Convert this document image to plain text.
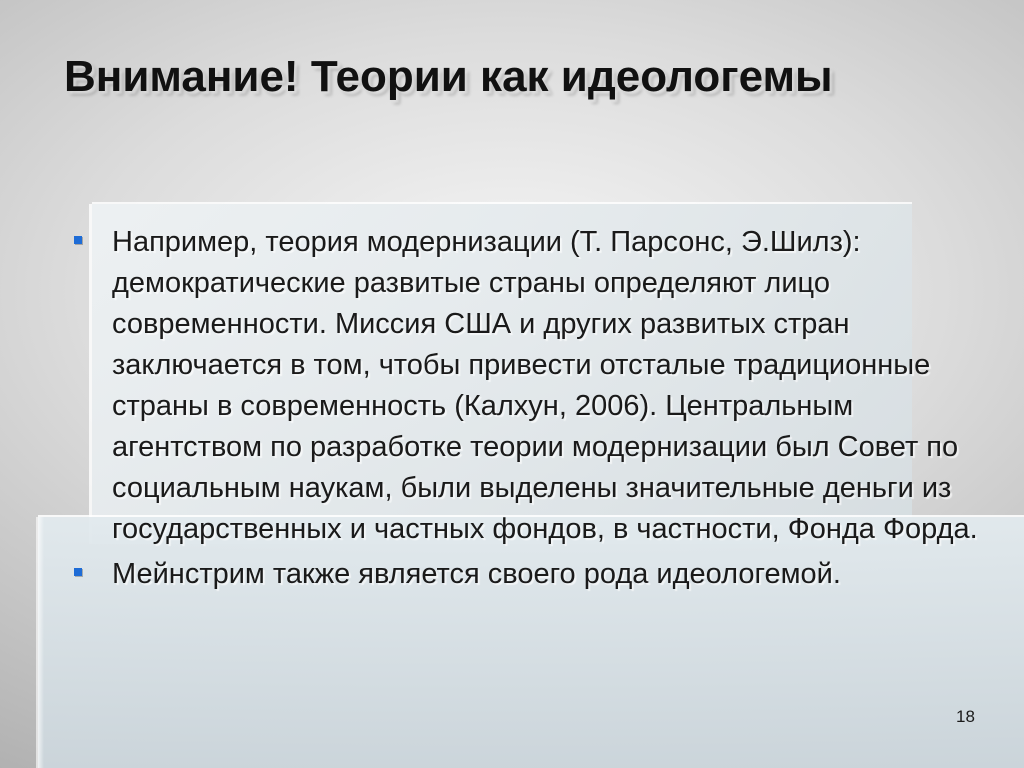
Внимание! Теории как идеологемы
Например, теория модернизации (Т. Парсонс, Э.Шилз): демократические развитые страны определяют лицо современности. Миссия США и других развитых стран заключается в том, чтобы привести отсталые традиционные страны в современность (Калхун, 2006). Центральным агентством по разработке теории модернизации был Совет по социальным наукам, были выделены значительные деньги из государственных и частных фондов, в частности, Фонда Форда.
Мейнстрим также является своего рода идеологемой.
18
